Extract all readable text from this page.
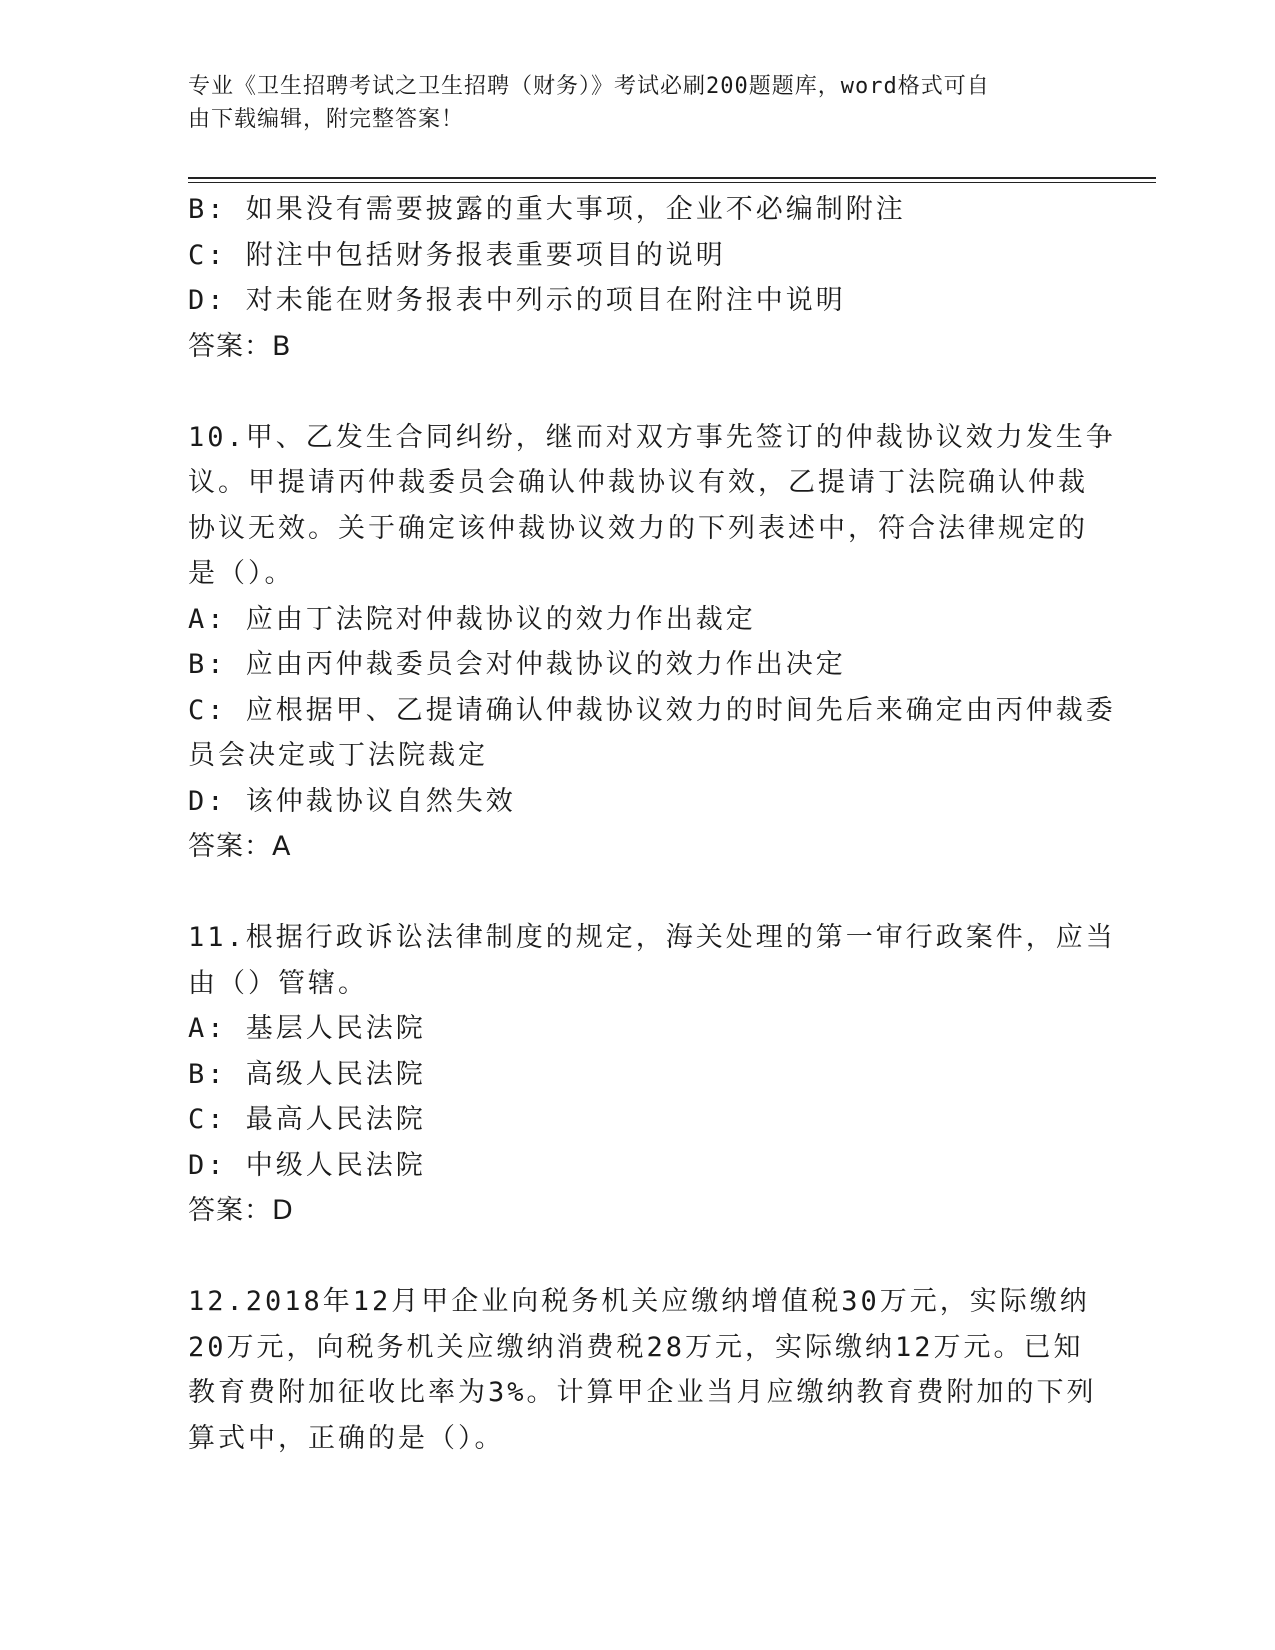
专业《卫生招聘考试之卫生招聘（财务）》考试必刷200题题库，word格式可自
由下载编辑，附完整答案！
B: 如果没有需要披露的重大事项，企业不必编制附注
C: 附注中包括财务报表重要项目的说明
D: 对未能在财务报表中列示的项目在附注中说明
答案：B
10.甲、乙发生合同纠纷，继而对双方事先签订的仲裁协议效力发生争
议。甲提请丙仲裁委员会确认仲裁协议有效，乙提请丁法院确认仲裁
协议无效。关于确定该仲裁协议效力的下列表述中，符合法律规定的
是（）。
A: 应由丁法院对仲裁协议的效力作出裁定
B: 应由丙仲裁委员会对仲裁协议的效力作出决定
C: 应根据甲、乙提请确认仲裁协议效力的时间先后来确定由丙仲裁委
员会决定或丁法院裁定
D: 该仲裁协议自然失效
答案：A
11.根据行政诉讼法律制度的规定，海关处理的第一审行政案件，应当
由（）管辖。
A: 基层人民法院
B: 高级人民法院
C: 最高人民法院
D: 中级人民法院
答案：D
12.2018年12月甲企业向税务机关应缴纳增值税30万元，实际缴纳
20万元，向税务机关应缴纳消费税28万元，实际缴纳12万元。已知
教育费附加征收比率为3%。计算甲企业当月应缴纳教育费附加的下列
算式中，正确的是（）。
